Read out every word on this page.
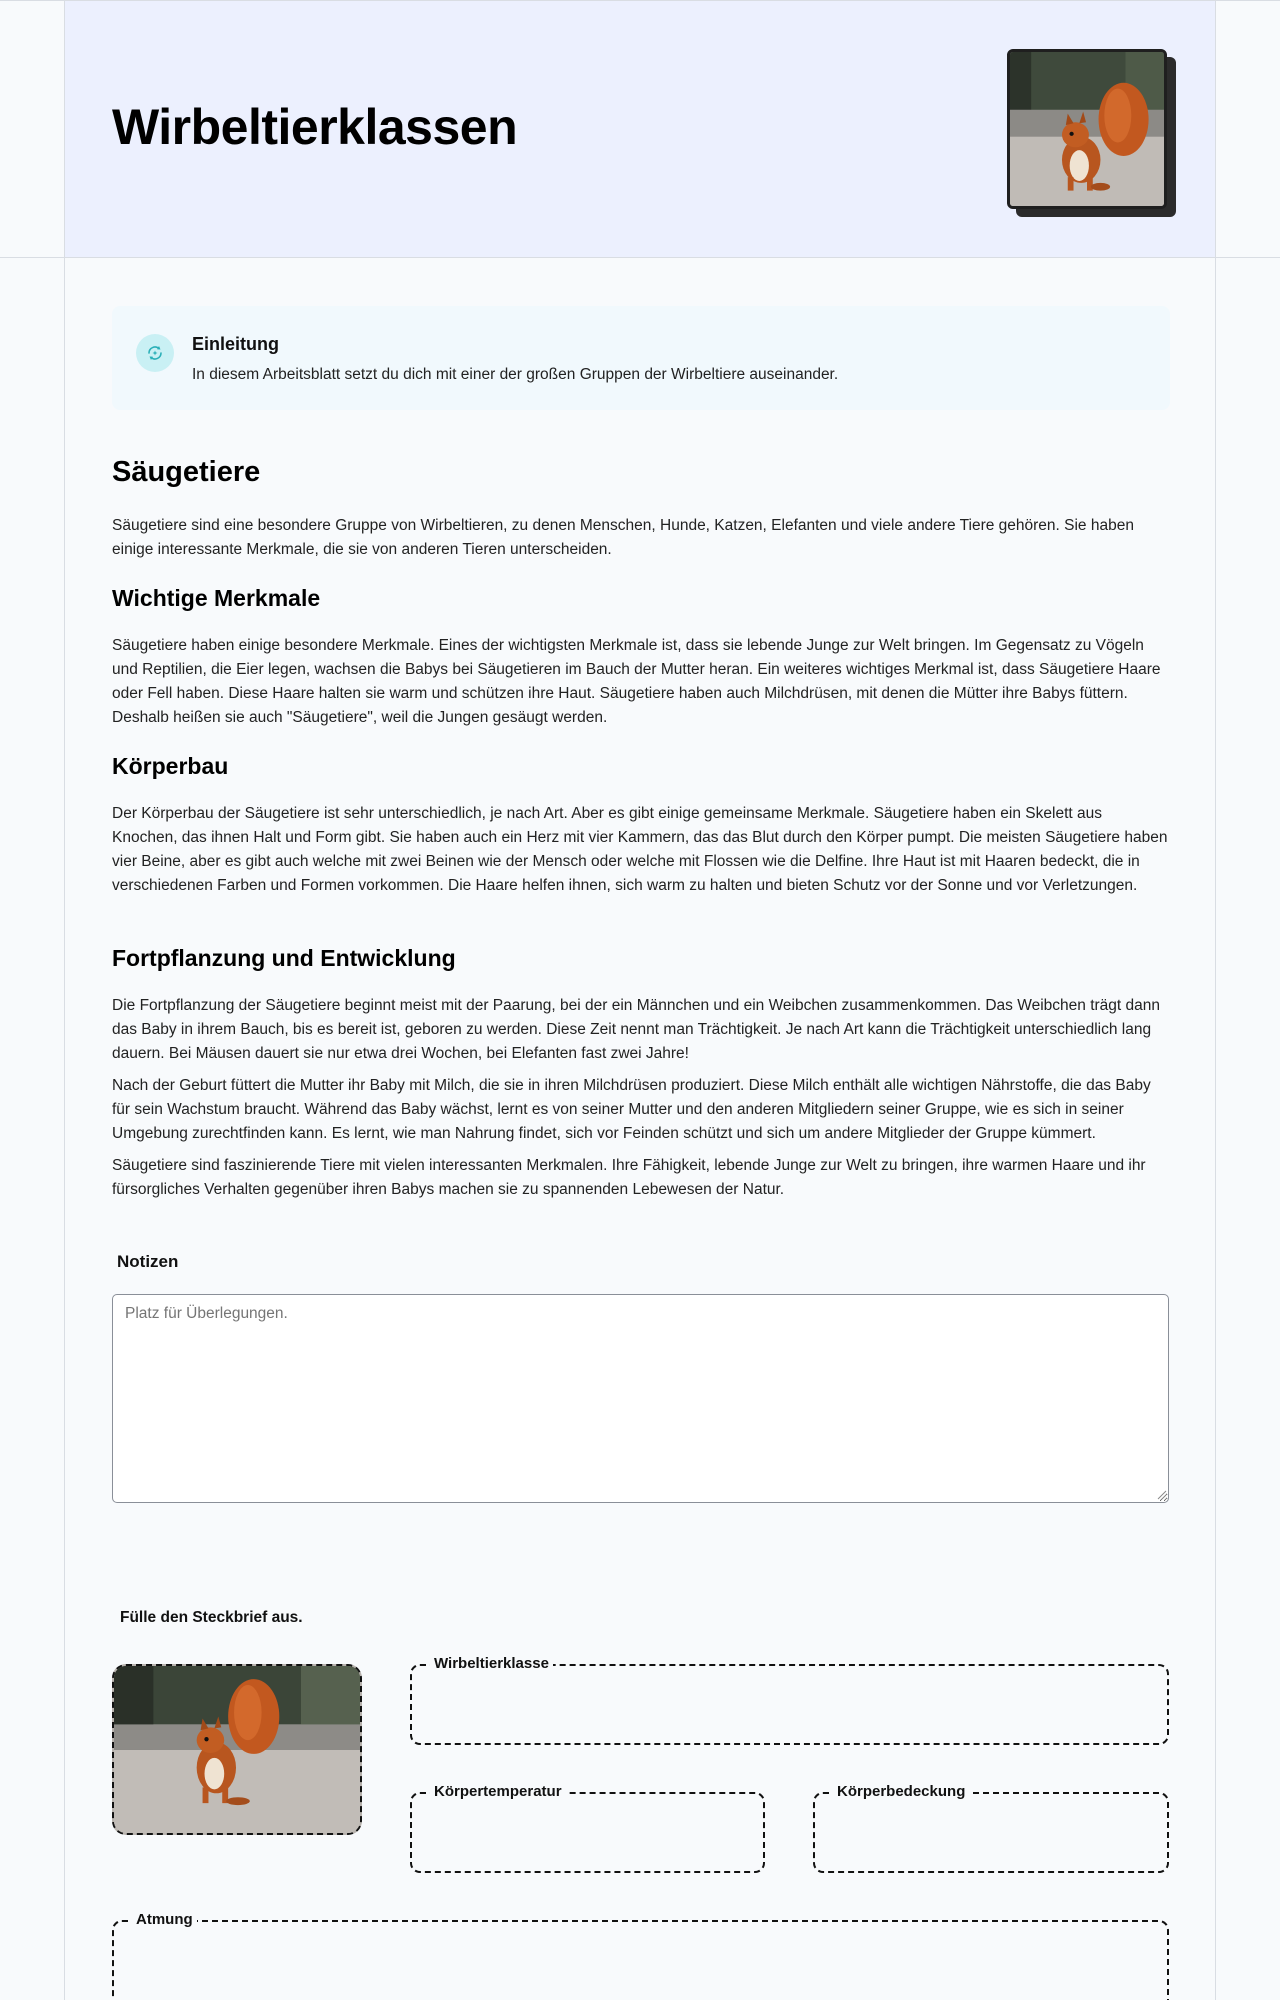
Wirbeltierklassen
Einleitung
In diesem Arbeitsblatt setzt du dich mit einer der großen Gruppen der Wirbeltiere auseinander.
Säugetiere

Säugetiere sind eine besondere Gruppe von Wirbeltieren, zu denen Menschen, Hunde, Katzen, Elefanten und viele andere Tiere gehören. Sie haben einige interessante Merkmale, die sie von anderen Tieren unterscheiden.

Wichtige Merkmale

Säugetiere haben einige besondere Merkmale. Eines der wichtigsten Merkmale ist, dass sie lebende Junge zur Welt bringen. Im Gegensatz zu Vögeln und Reptilien, die Eier legen, wachsen die Babys bei Säugetieren im Bauch der Mutter heran. Ein weiteres wichtiges Merkmal ist, dass Säugetiere Haare oder Fell haben. Diese Haare halten sie warm und schützen ihre Haut. Säugetiere haben auch Milchdrüsen, mit denen die Mütter ihre Babys füttern. Deshalb heißen sie auch "Säugetiere", weil die Jungen gesäugt werden.

Körperbau

Der Körperbau der Säugetiere ist sehr unterschiedlich, je nach Art. Aber es gibt einige gemeinsame Merkmale. Säugetiere haben ein Skelett aus Knochen, das ihnen Halt und Form gibt. Sie haben auch ein Herz mit vier Kammern, das das Blut durch den Körper pumpt. Die meisten Säugetiere haben vier Beine, aber es gibt auch welche mit zwei Beinen wie der Mensch oder welche mit Flossen wie die Delfine. Ihre Haut ist mit Haaren bedeckt, die in verschiedenen Farben und Formen vorkommen. Die Haare helfen ihnen, sich warm zu halten und bieten Schutz vor der Sonne und vor Verletzungen.

Fortpflanzung und Entwicklung

Die Fortpflanzung der Säugetiere beginnt meist mit der Paarung, bei der ein Männchen und ein Weibchen zusammenkommen. Das Weibchen trägt dann das Baby in ihrem Bauch, bis es bereit ist, geboren zu werden. Diese Zeit nennt man Trächtigkeit. Je nach Art kann die Trächtigkeit unterschiedlich lang dauern. Bei Mäusen dauert sie nur etwa drei Wochen, bei Elefanten fast zwei Jahre!

Nach der Geburt füttert die Mutter ihr Baby mit Milch, die sie in ihren Milchdrüsen produziert. Diese Milch enthält alle wichtigen Nährstoffe, die das Baby für sein Wachstum braucht. Während das Baby wächst, lernt es von seiner Mutter und den anderen Mitgliedern seiner Gruppe, wie es sich in seiner Umgebung zurechtfinden kann. Es lernt, wie man Nahrung findet, sich vor Feinden schützt und sich um andere Mitglieder der Gruppe kümmert.

Säugetiere sind faszinierende Tiere mit vielen interessanten Merkmalen. Ihre Fähigkeit, lebende Junge zur Welt zu bringen, ihre warmen Haare und ihr fürsorgliches Verhalten gegenüber ihren Babys machen sie zu spannenden Lebewesen der Natur.

Notizen
Platz für Überlegungen.
Fülle den Steckbrief aus.
Wirbeltierklasse
Körpertemperatur	Körperbedeckung
Atmung
